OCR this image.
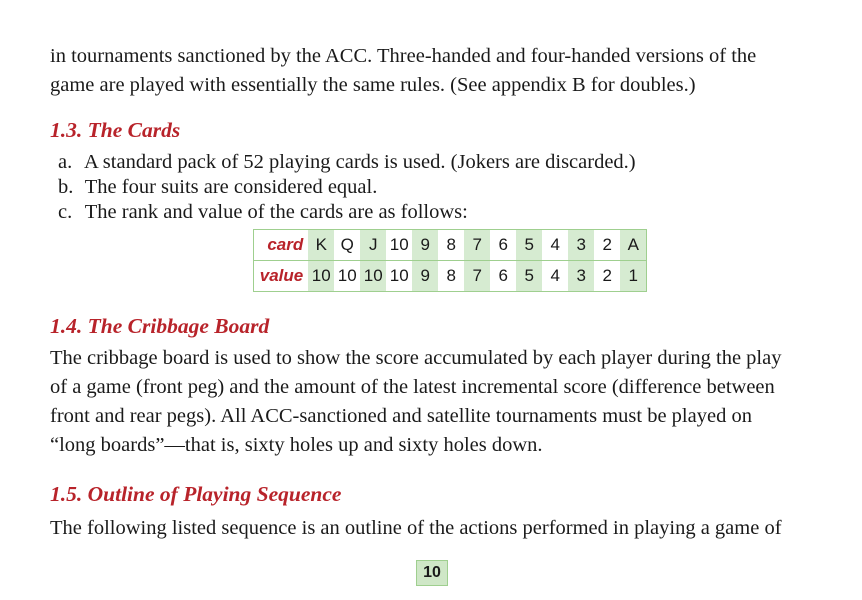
in tournaments sanctioned by the ACC. Three-handed and four-handed versions of the
game are played with essentially the same rules. (See appendix B for doubles.)

1.3. The Cards
a. A standard pack of 52 playing cards is used. (Jokers are discarded.)
b. The four suits are considered equal.
c. The rank and value of the cards are as follows:
card	K	Q	J	10	9	8	7	6	5	4	3	2	A
value	10	10	10	10	9	8	7	6	5	4	3	2	1
1.4. The Cribbage Board

The cribbage board is used to show the score accumulated by each player during the play
of a game (front peg) and the amount of the latest incremental score (difference between
front and rear pegs). All ACC-sanctioned and satellite tournaments must be played on
“long boards”—that is, sixty holes up and sixty holes down.

1.5. Outline of Playing Sequence

The following listed sequence is an outline of the actions performed in playing a game of

10
